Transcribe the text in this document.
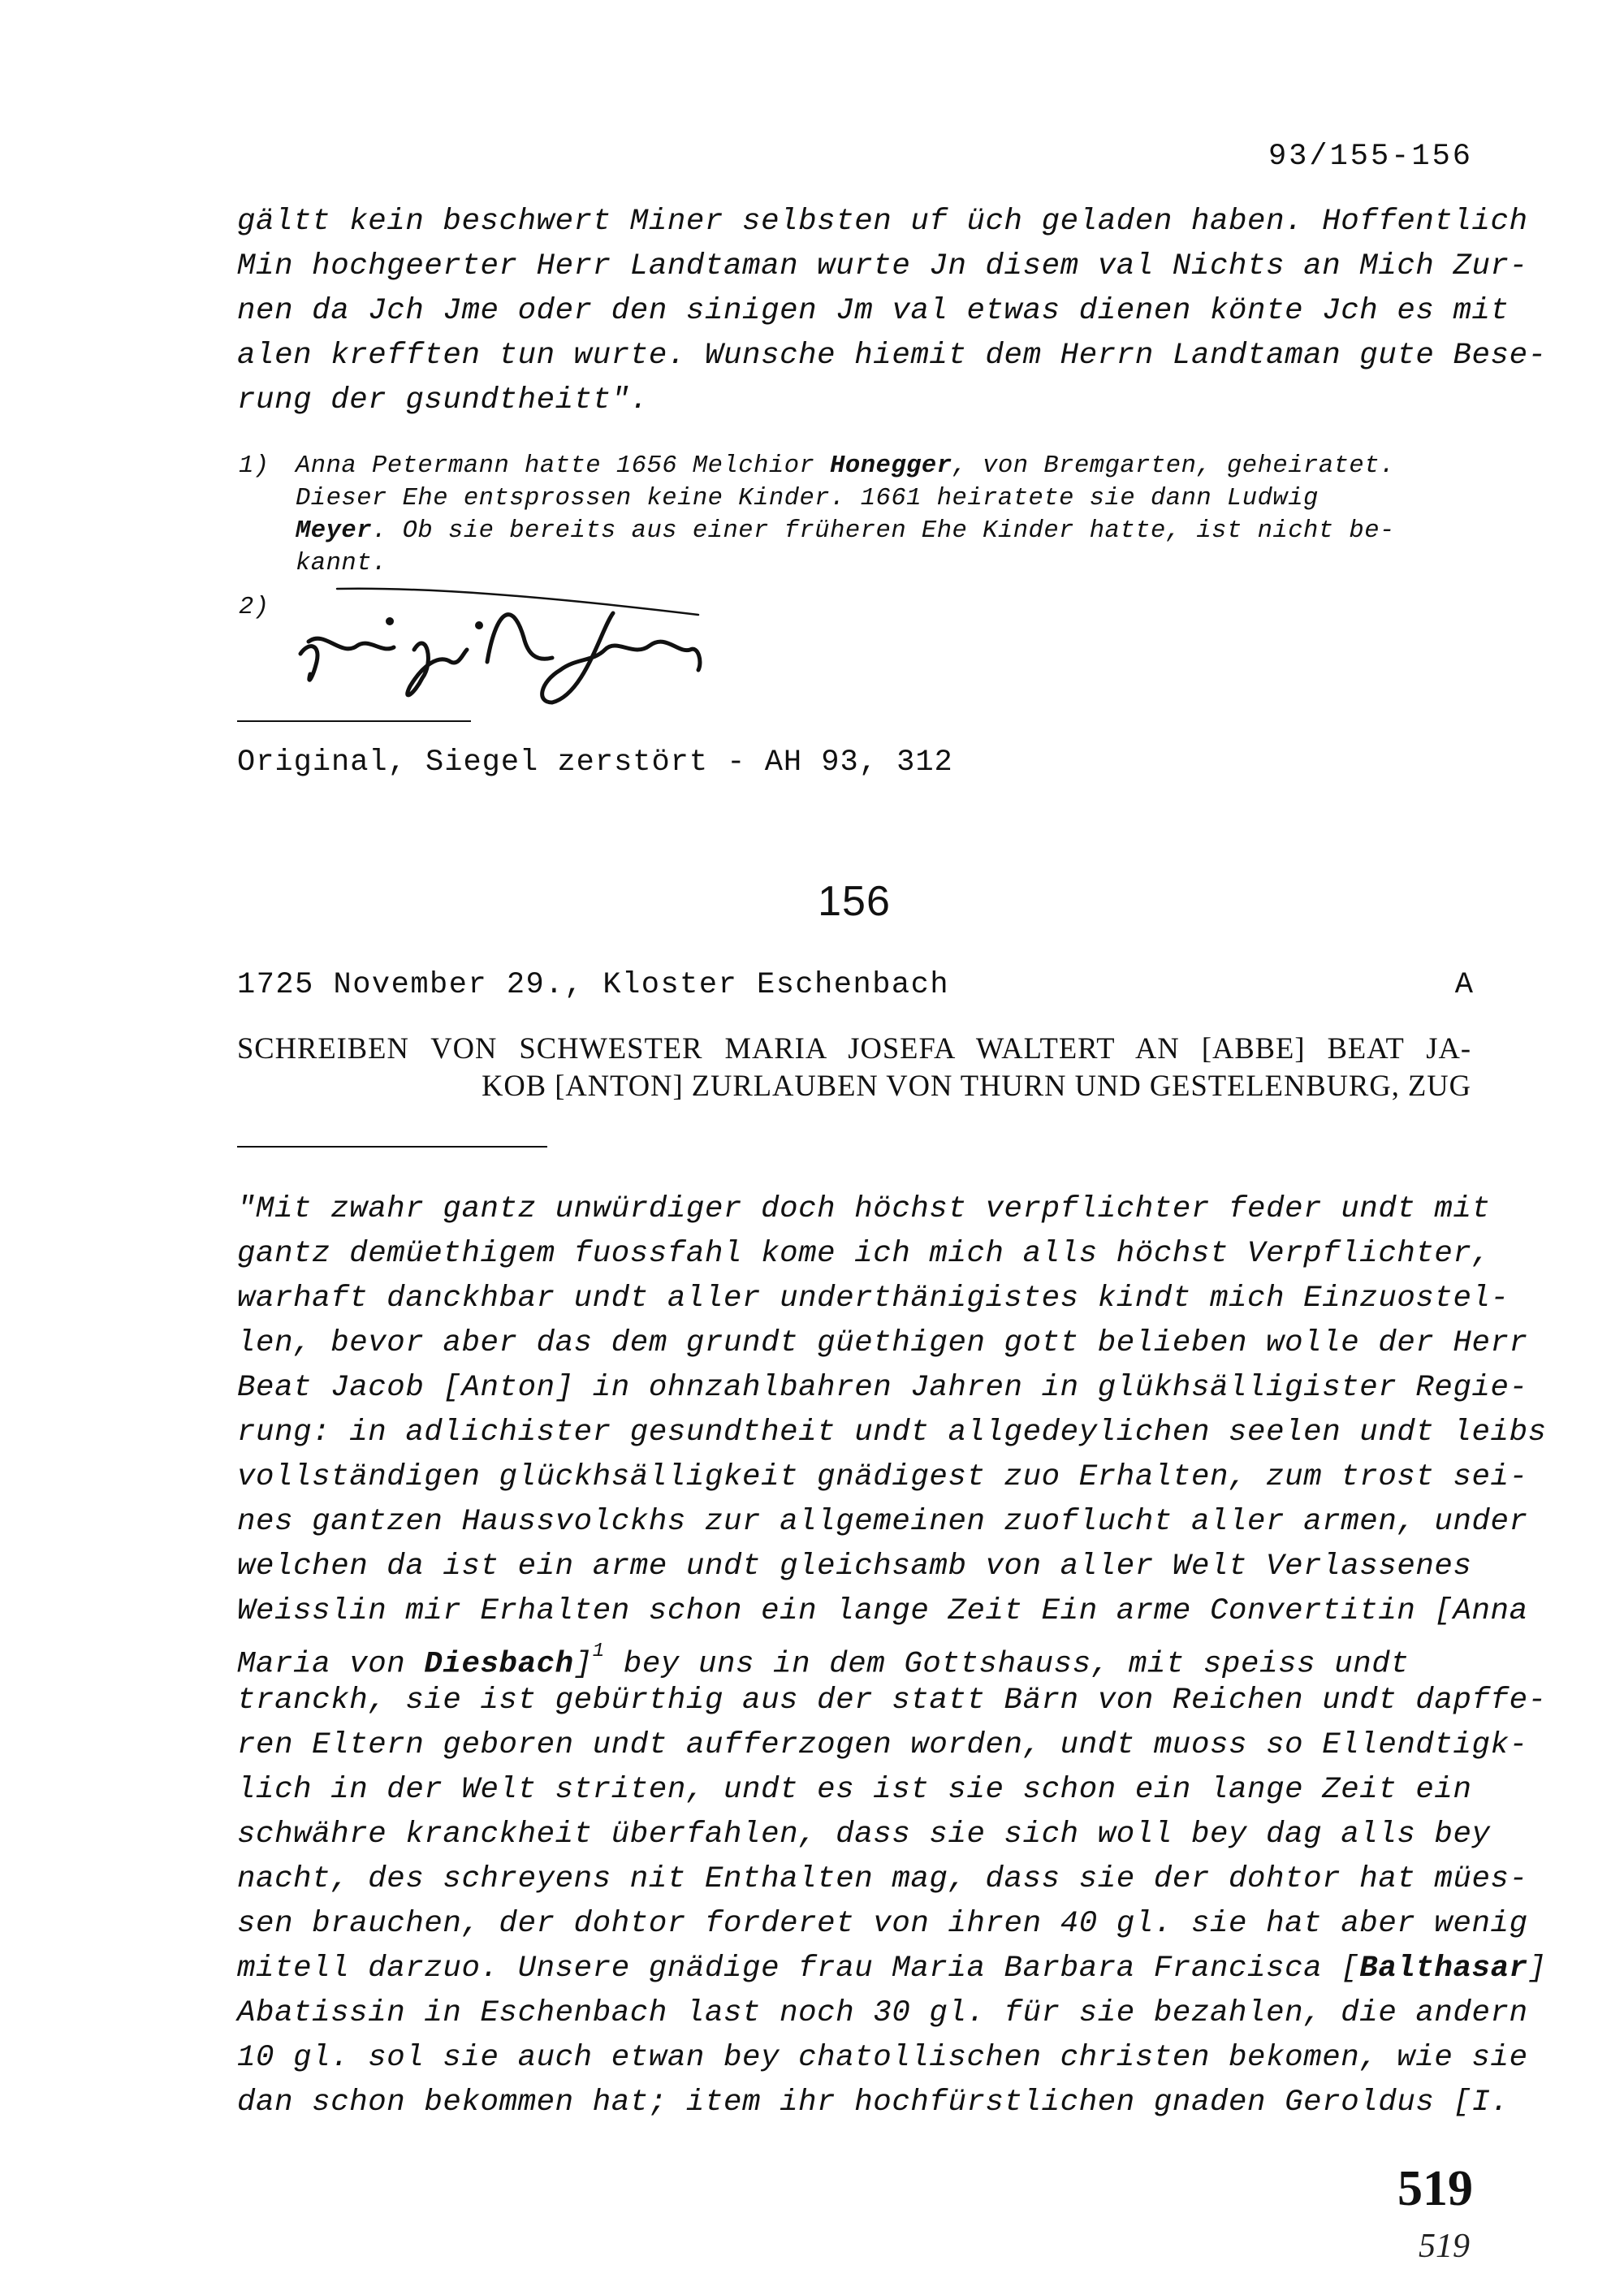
93/155-156
gältt kein beschwert Miner selbsten uf üch geladen haben. Hoffentlich
Min hochgeerter Herr Landtaman wurte Jn disem val Nichts an Mich Zur-
nen da Jch Jme oder den sinigen Jm val etwas dienen könte Jch es mit
alen krefften tun wurte. Wunsche hiemit dem Herrn Landtaman gute Bese-
rung der gsundtheitt".
1)	Anna Petermann hatte 1656 Melchior Honegger, von Bremgarten, geheiratet.
Dieser Ehe entsprossen keine Kinder. 1661 heiratete sie dann Ludwig
Meyer. Ob sie bereits aus einer früheren Ehe Kinder hatte, ist nicht be-
kannt.
2)
Original, Siegel zerstört - AH 93, 312
156
1725 November 29., Kloster Eschenbach	A
SCHREIBEN VON SCHWESTER MARIA JOSEFA WALTERT AN [ABBE] BEAT JA-
KOB [ANTON] ZURLAUBEN VON THURN UND GESTELENBURG, ZUG
"Mit zwahr gantz unwürdiger doch höchst verpflichter feder undt mit
gantz demüethigem fuossfahl kome ich mich alls höchst Verpflichter,
warhaft danckhbar undt aller underthänigistes kindt mich Einzuostel-
len, bevor aber das dem grundt güethigen gott belieben wolle der Herr
Beat Jacob [Anton] in ohnzahlbahren Jahren in glükhsälligister Regie-
rung: in adlichister gesundtheit undt allgedeylichen seelen undt leibs
vollständigen glückhsälligkeit gnädigest zuo Erhalten, zum trost sei-
nes gantzen Haussvolckhs zur allgemeinen zuoflucht aller armen, under
welchen da ist ein arme undt gleichsamb von aller Welt Verlassenes
Weisslin mir Erhalten schon ein lange Zeit Ein arme Convertitin [Anna
Maria von Diesbach]$^1$ bey uns in dem Gottshauss, mit speiss undt
tranckh, sie ist gebürthig aus der statt Bärn von Reichen undt dapffe-
ren Eltern geboren undt aufferzogen worden, undt muoss so Ellendtigk-
lich in der Welt striten, undt es ist sie schon ein lange Zeit ein
schwähre kranckheit überfahlen, dass sie sich woll bey dag alls bey
nacht, des schreyens nit Enthalten mag, dass sie der dohtor hat mües-
sen brauchen, der dohtor forderet von ihren 40 gl. sie hat aber wenig
mitell darzuo. Unsere gnädige frau Maria Barbara Francisca [Balthasar]
Abatissin in Eschenbach last noch 30 gl. für sie bezahlen, die andern
10 gl. sol sie auch etwan bey chatollischen christen bekomen, wie sie
dan schon bekommen hat; item ihr hochfürstlichen gnaden Geroldus [I.
519
519
